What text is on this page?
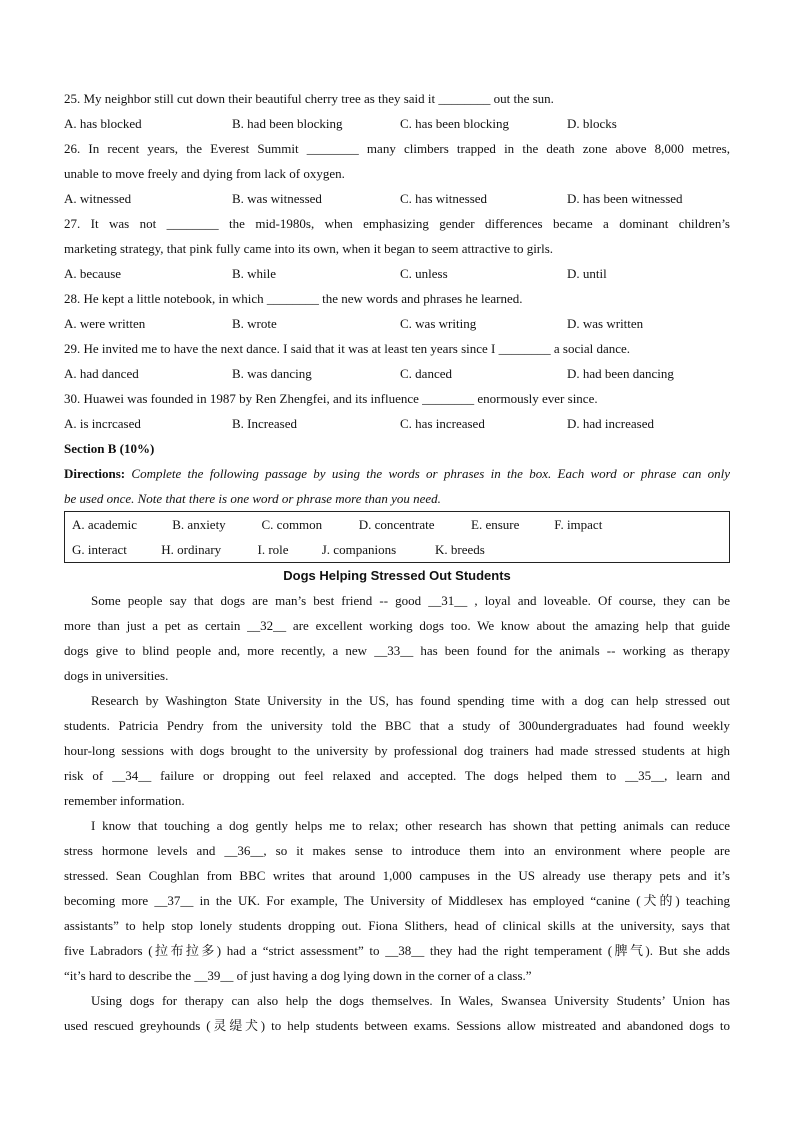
25. My neighbor still cut down their beautiful cherry tree as they said it ________ out the sun.
A. has blocked	B. had been blocking	C. has been blocking	D. blocks
26. In recent years, the Everest Summit ________ many climbers trapped in the death zone above 8,000 metres,
unable to move freely and dying from lack of oxygen.
A. witnessed	B. was witnessed	C. has witnessed	D. has been witnessed
27. It was not ________ the mid-1980s, when emphasizing gender differences became a dominant children’s
marketing strategy, that pink fully came into its own, when it began to seem attractive to girls.
A. because	B. while	C. unless	D. until
28. He kept a little notebook, in which ________ the new words and phrases he learned.
A. were written	B. wrote	C. was writing	D. was written
29. He invited me to have the next dance. I said that it was at least ten years since I ________ a social dance.
A. had danced	B. was dancing	C. danced	D. had been dancing
30. Huawei was founded in 1987 by Ren Zhengfei, and its influence ________ enormously ever since.
A. is incrcased	B. Increased	C. has increased	D. had increased
Section B (10%)
Directions: Complete the following passage by using the words or phrases in the box. Each word or phrase can only
be used once. Note that there is one word or phrase more than you need.
A. academic	B. anxiety	C. common	D. concentrate	E. ensure	F. impact
G. interact	H. ordinary	I. role	J. companions	K. breeds
Dogs Helping Stressed Out Students
Some people say that dogs are man’s best friend -- good __31__ , loyal and loveable. Of course, they can be
more than just a pet as certain __32__ are excellent working dogs too. We know about the amazing help that guide
dogs give to blind people and, more recently, a new __33__ has been found for the animals -- working as therapy
dogs in universities.
Research by Washington State University in the US, has found spending time with a dog can help stressed out
students. Patricia Pendry from the university told the BBC that a study of 300undergraduates had found weekly
hour-long sessions with dogs brought to the university by professional dog trainers had made stressed students at high
risk of __34__ failure or dropping out feel relaxed and accepted. The dogs helped them to __35__, learn and
remember information.
I know that touching a dog gently helps me to relax; other research has shown that petting animals can reduce
stress hormone levels and __36__, so it makes sense to introduce them into an environment where people are
stressed. Sean Coughlan from BBC writes that around 1,000 campuses in the US already use therapy pets and it’s
becoming more __37__ in the UK. For example, The University of Middlesex has employed “canine (犬的) teaching
assistants” to help stop lonely students dropping out. Fiona Slithers, head of clinical skills at the university, says that
five Labradors (拉布拉多) had a “strict assessment” to __38__ they had the right temperament (脾气). But she adds
“it’s hard to describe the __39__ of just having a dog lying down in the corner of a class.”
Using dogs for therapy can also help the dogs themselves. In Wales, Swansea University Students’ Union has
used rescued greyhounds (灵缇犬) to help students between exams. Sessions allow mistreated and abandoned dogs to
